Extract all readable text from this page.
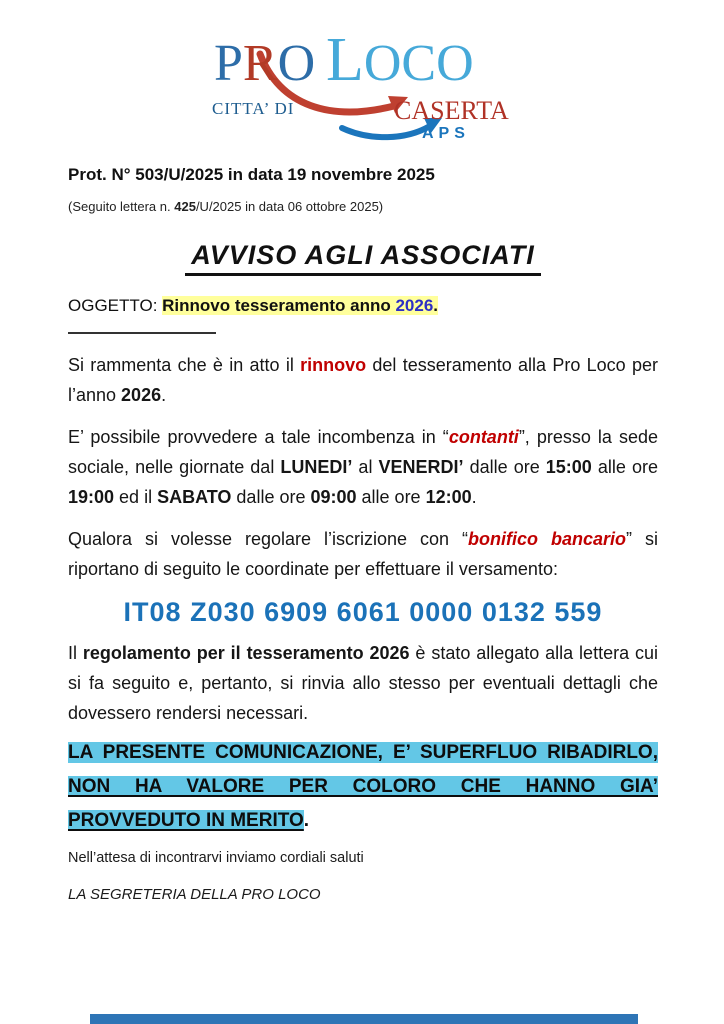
PRO LOCO
CITTA’ DI	CASERTA
APS
Prot. N° 503/U/2025 in data 19 novembre 2025
(Seguito lettera n. 425/U/2025 in data 06 ottobre 2025)
AVVISO AGLI ASSOCIATI
OGGETTO: Rinnovo tesseramento anno 2026.
Si rammenta che è in atto il rinnovo del tesseramento alla Pro Loco per l’anno 2026.
E’ possibile provvedere a tale incombenza in “contanti”, presso la sede sociale, nelle giornate dal LUNEDI’ al VENERDI’ dalle ore 15:00 alle ore 19:00 ed il SABATO dalle ore 09:00 alle ore 12:00.
Qualora si volesse regolare l’iscrizione con “bonifico bancario” si riportano di seguito le coordinate per effettuare il versamento:
IT08 Z030 6909 6061 0000 0132 559
Il regolamento per il tesseramento 2026 è stato allegato alla lettera cui si fa seguito e, pertanto, si rinvia allo stesso per eventuali dettagli che dovessero rendersi necessari.
LA PRESENTE COMUNICAZIONE, E’ SUPERFLUO RIBADIRLO, NON HA VALORE PER COLORO CHE HANNO GIA’ PROVVEDUTO IN MERITO.
Nell’attesa di incontrarvi inviamo cordiali saluti
LA SEGRETERIA DELLA PRO LOCO
